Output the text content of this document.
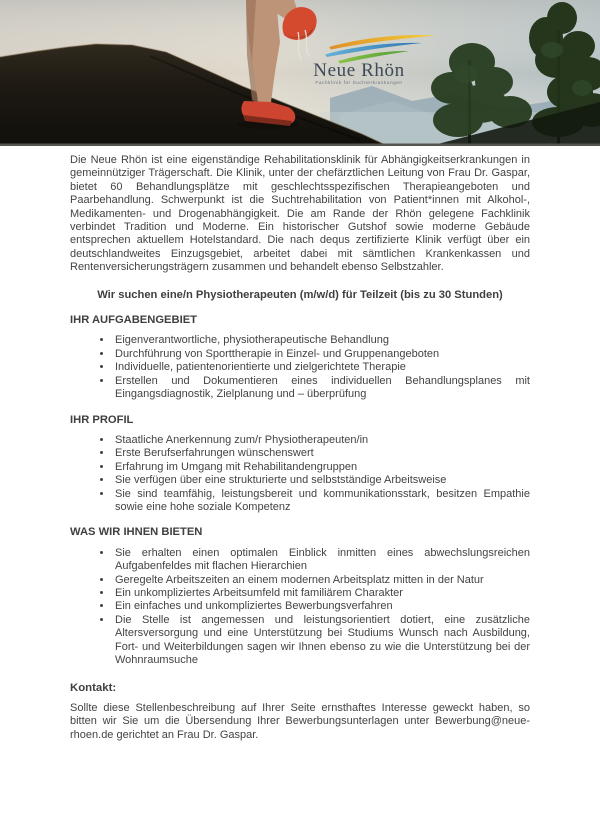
Neue Rhön
Fachklinik für Suchterkrankungen

Die Neue Rhön ist eine eigenständige Rehabilitationsklinik für Abhängigkeitserkrankungen in gemeinnütziger Trägerschaft. Die Klinik, unter der chefärztlichen Leitung von Frau Dr. Gaspar, bietet 60 Behandlungsplätze mit geschlechtsspezifischen Therapieangeboten und Paarbehandlung. Schwerpunkt ist die Suchtrehabilitation von Patient*innen mit Alkohol-, Medikamenten- und Drogenabhängigkeit. Die am Rande der Rhön gelegene Fachklinik verbindet Tradition und Moderne. Ein historischer Gutshof sowie moderne Gebäude entsprechen aktuellem Hotelstandard. Die nach dequs zertifizierte Klinik verfügt über ein deutschlandweites Einzugsgebiet, arbeitet dabei mit sämtlichen Krankenkassen und Rentenversicherungsträgern zusammen und behandelt ebenso Selbstzahler.

Wir suchen eine/n Physiotherapeuten (m/w/d) für Teilzeit (bis zu 30 Stunden)

IHR AUFGABENGEBIET

• Eigenverantwortliche, physiotherapeutische Behandlung
• Durchführung von Sporttherapie in Einzel- und Gruppenangeboten
• Individuelle, patientenorientierte und zielgerichtete Therapie
• Erstellen und Dokumentieren eines individuellen Behandlungsplanes mit Eingangsdiagnostik, Zielplanung und – überprüfung

IHR PROFIL

• Staatliche Anerkennung zum/r Physiotherapeuten/in
• Erste Berufserfahrungen wünschenswert
• Erfahrung im Umgang mit Rehabilitandengruppen
• Sie verfügen über eine strukturierte und selbstständige Arbeitsweise
• Sie sind teamfähig, leistungsbereit und kommunikationsstark, besitzen Empathie sowie eine hohe soziale Kompetenz

WAS WIR IHNEN BIETEN

• Sie erhalten einen optimalen Einblick inmitten eines abwechslungsreichen Aufgabenfeldes mit flachen Hierarchien
• Geregelte Arbeitszeiten an einem modernen Arbeitsplatz mitten in der Natur
• Ein unkompliziertes Arbeitsumfeld mit familiärem Charakter
• Ein einfaches und unkompliziertes Bewerbungsverfahren
• Die Stelle ist angemessen und leistungsorientiert dotiert, eine zusätzliche Altersversorgung und eine Unterstützung bei Studiums Wunsch nach Ausbildung, Fort- und Weiterbildungen sagen wir Ihnen ebenso zu wie die Unterstützung bei der Wohnraumsuche

Kontakt:

Sollte diese Stellenbeschreibung auf Ihrer Seite ernsthaftes Interesse geweckt haben, so bitten wir Sie um die Übersendung Ihrer Bewerbungsunterlagen unter Bewerbung@neue-rhoen.de gerichtet an Frau Dr. Gaspar.
